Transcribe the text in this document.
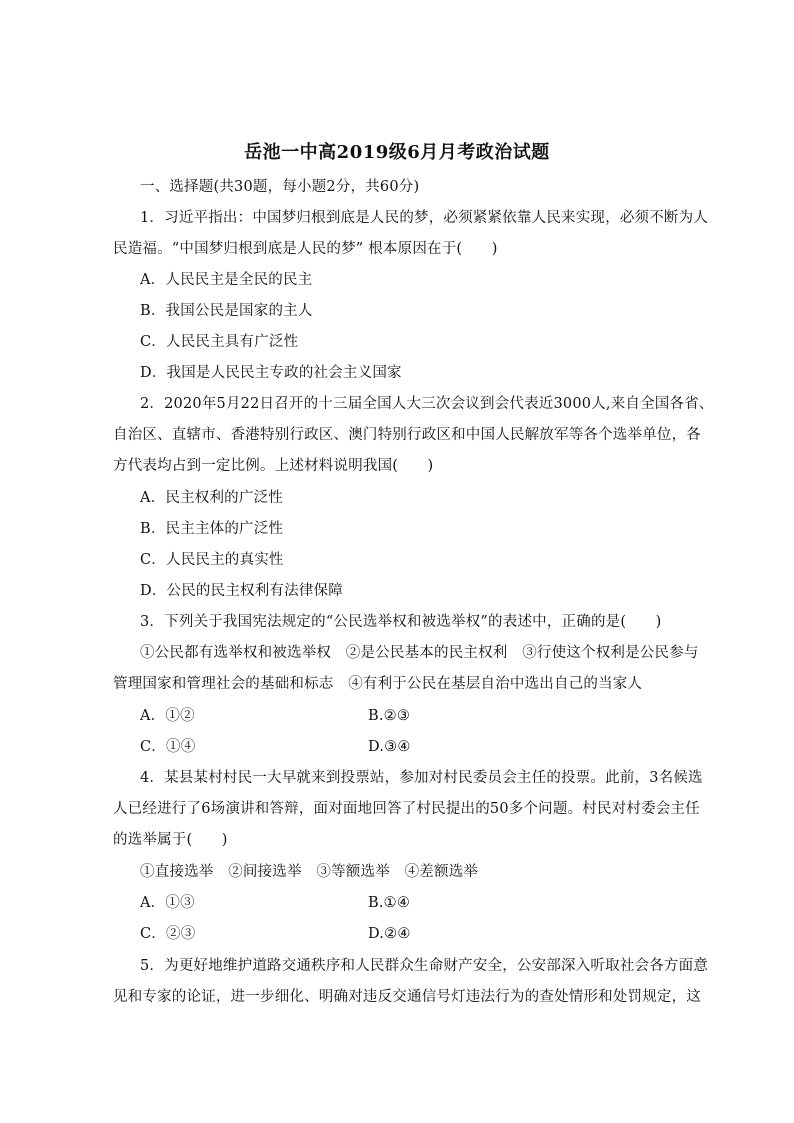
岳池一中高2019级6月月考政治试题
一、选择题(共30题，每小题2分，共60分)
1．习近平指出：中国梦归根到底是人民的梦，必须紧紧依靠人民来实现，必须不断为人
民造福。“中国梦归根到底是人民的梦” 根本原因在于(　　)
A．人民民主是全民的民主
B．我国公民是国家的主人
C．人民民主具有广泛性
D．我国是人民民主专政的社会主义国家
2．2020年5月22日召开的十三届全国人大三次会议到会代表近3000人,来自全国各省、
自治区、直辖市、香港特别行政区、澳门特别行政区和中国人民解放军等各个选举单位，各
方代表均占到一定比例。上述材料说明我国(　　)
A．民主权利的广泛性
B．民主主体的广泛性
C．人民民主的真实性
D．公民的民主权利有法律保障
3．下列关于我国宪法规定的“公民选举权和被选举权”的表述中，正确的是(　　)
①公民都有选举权和被选举权　②是公民基本的民主权利　③行使这个权利是公民参与
管理国家和管理社会的基础和标志　④有利于公民在基层自治中选出自己的当家人
A．①②	B.②③
C．①④	D.③④
4．某县某村村民一大早就来到投票站，参加对村民委员会主任的投票。此前，3名候选
人已经进行了6场演讲和答辩，面对面地回答了村民提出的50多个问题。村民对村委会主任
的选举属于(　　)
①直接选举　②间接选举　③等额选举　④差额选举
A．①③	B.①④
C．②③	D.②④
5．为更好地维护道路交通秩序和人民群众生命财产安全，公安部深入听取社会各方面意
见和专家的论证，进一步细化、明确对违反交通信号灯违法行为的查处情形和处罚规定，这
